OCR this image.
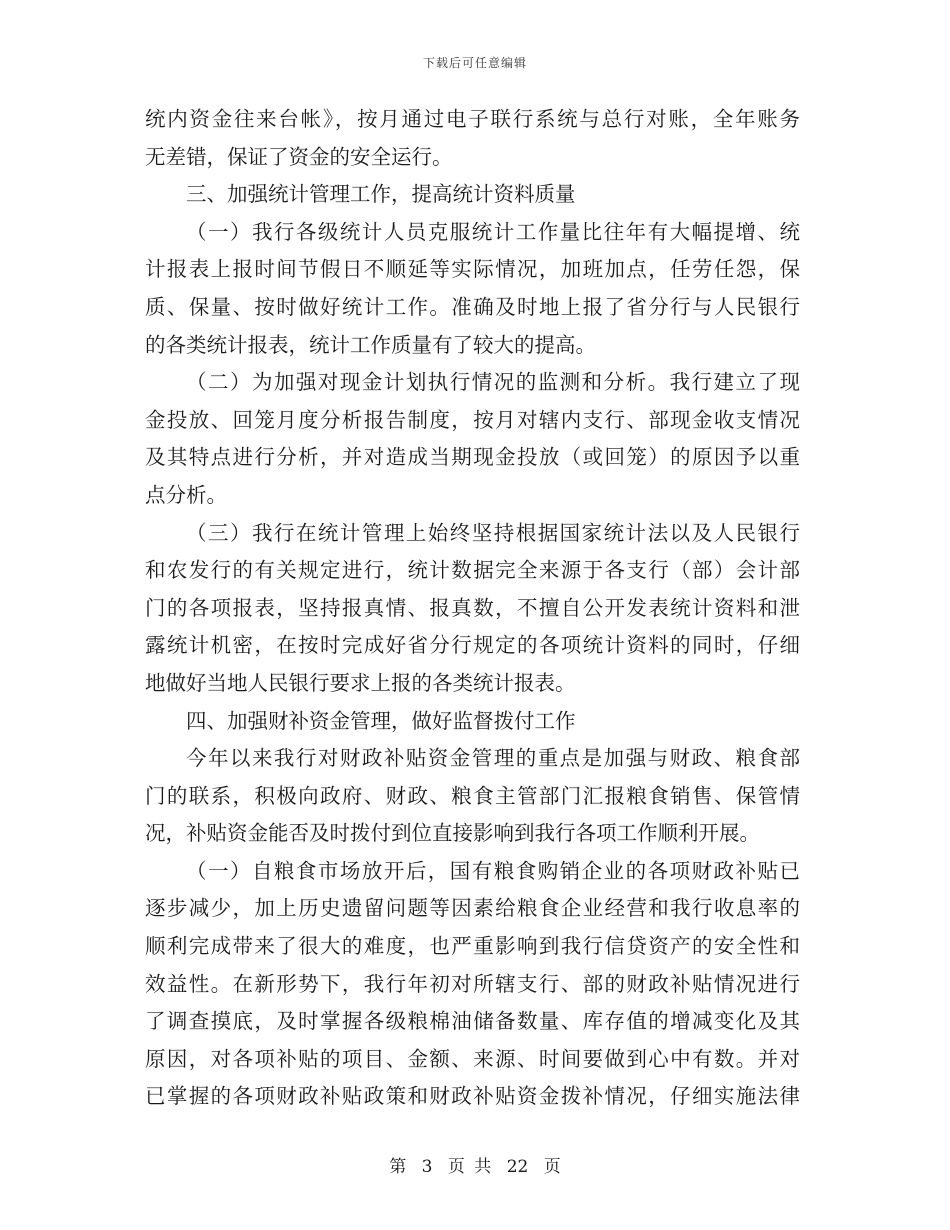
下载后可任意编辑
统内资金往来台帐》，按月通过电子联行系统与总行对账，全年账务
无差错，保证了资金的安全运行。
三、加强统计管理工作，提高统计资料质量
（一）我行各级统计人员克服统计工作量比往年有大幅提增、统
计报表上报时间节假日不顺延等实际情况，加班加点，任劳任怨，保
质、保量、按时做好统计工作。准确及时地上报了省分行与人民银行
的各类统计报表，统计工作质量有了较大的提高。
（二）为加强对现金计划执行情况的监测和分析。我行建立了现
金投放、回笼月度分析报告制度，按月对辖内支行、部现金收支情况
及其特点进行分析，并对造成当期现金投放（或回笼）的原因予以重
点分析。
（三）我行在统计管理上始终坚持根据国家统计法以及人民银行
和农发行的有关规定进行，统计数据完全来源于各支行（部）会计部
门的各项报表，坚持报真情、报真数，不擅自公开发表统计资料和泄
露统计机密，在按时完成好省分行规定的各项统计资料的同时，仔细
地做好当地人民银行要求上报的各类统计报表。
四、加强财补资金管理，做好监督拨付工作
今年以来我行对财政补贴资金管理的重点是加强与财政、粮食部
门的联系，积极向政府、财政、粮食主管部门汇报粮食销售、保管情
况，补贴资金能否及时拨付到位直接影响到我行各项工作顺利开展。
（一）自粮食市场放开后，国有粮食购销企业的各项财政补贴已
逐步减少，加上历史遗留问题等因素给粮食企业经营和我行收息率的
顺利完成带来了很大的难度，也严重影响到我行信贷资产的安全性和
效益性。在新形势下，我行年初对所辖支行、部的财政补贴情况进行
了调查摸底，及时掌握各级粮棉油储备数量、库存值的增减变化及其
原因，对各项补贴的项目、金额、来源、时间要做到心中有数。并对
已掌握的各项财政补贴政策和财政补贴资金拨补情况，仔细实施法律
第 3 页 共 22 页
